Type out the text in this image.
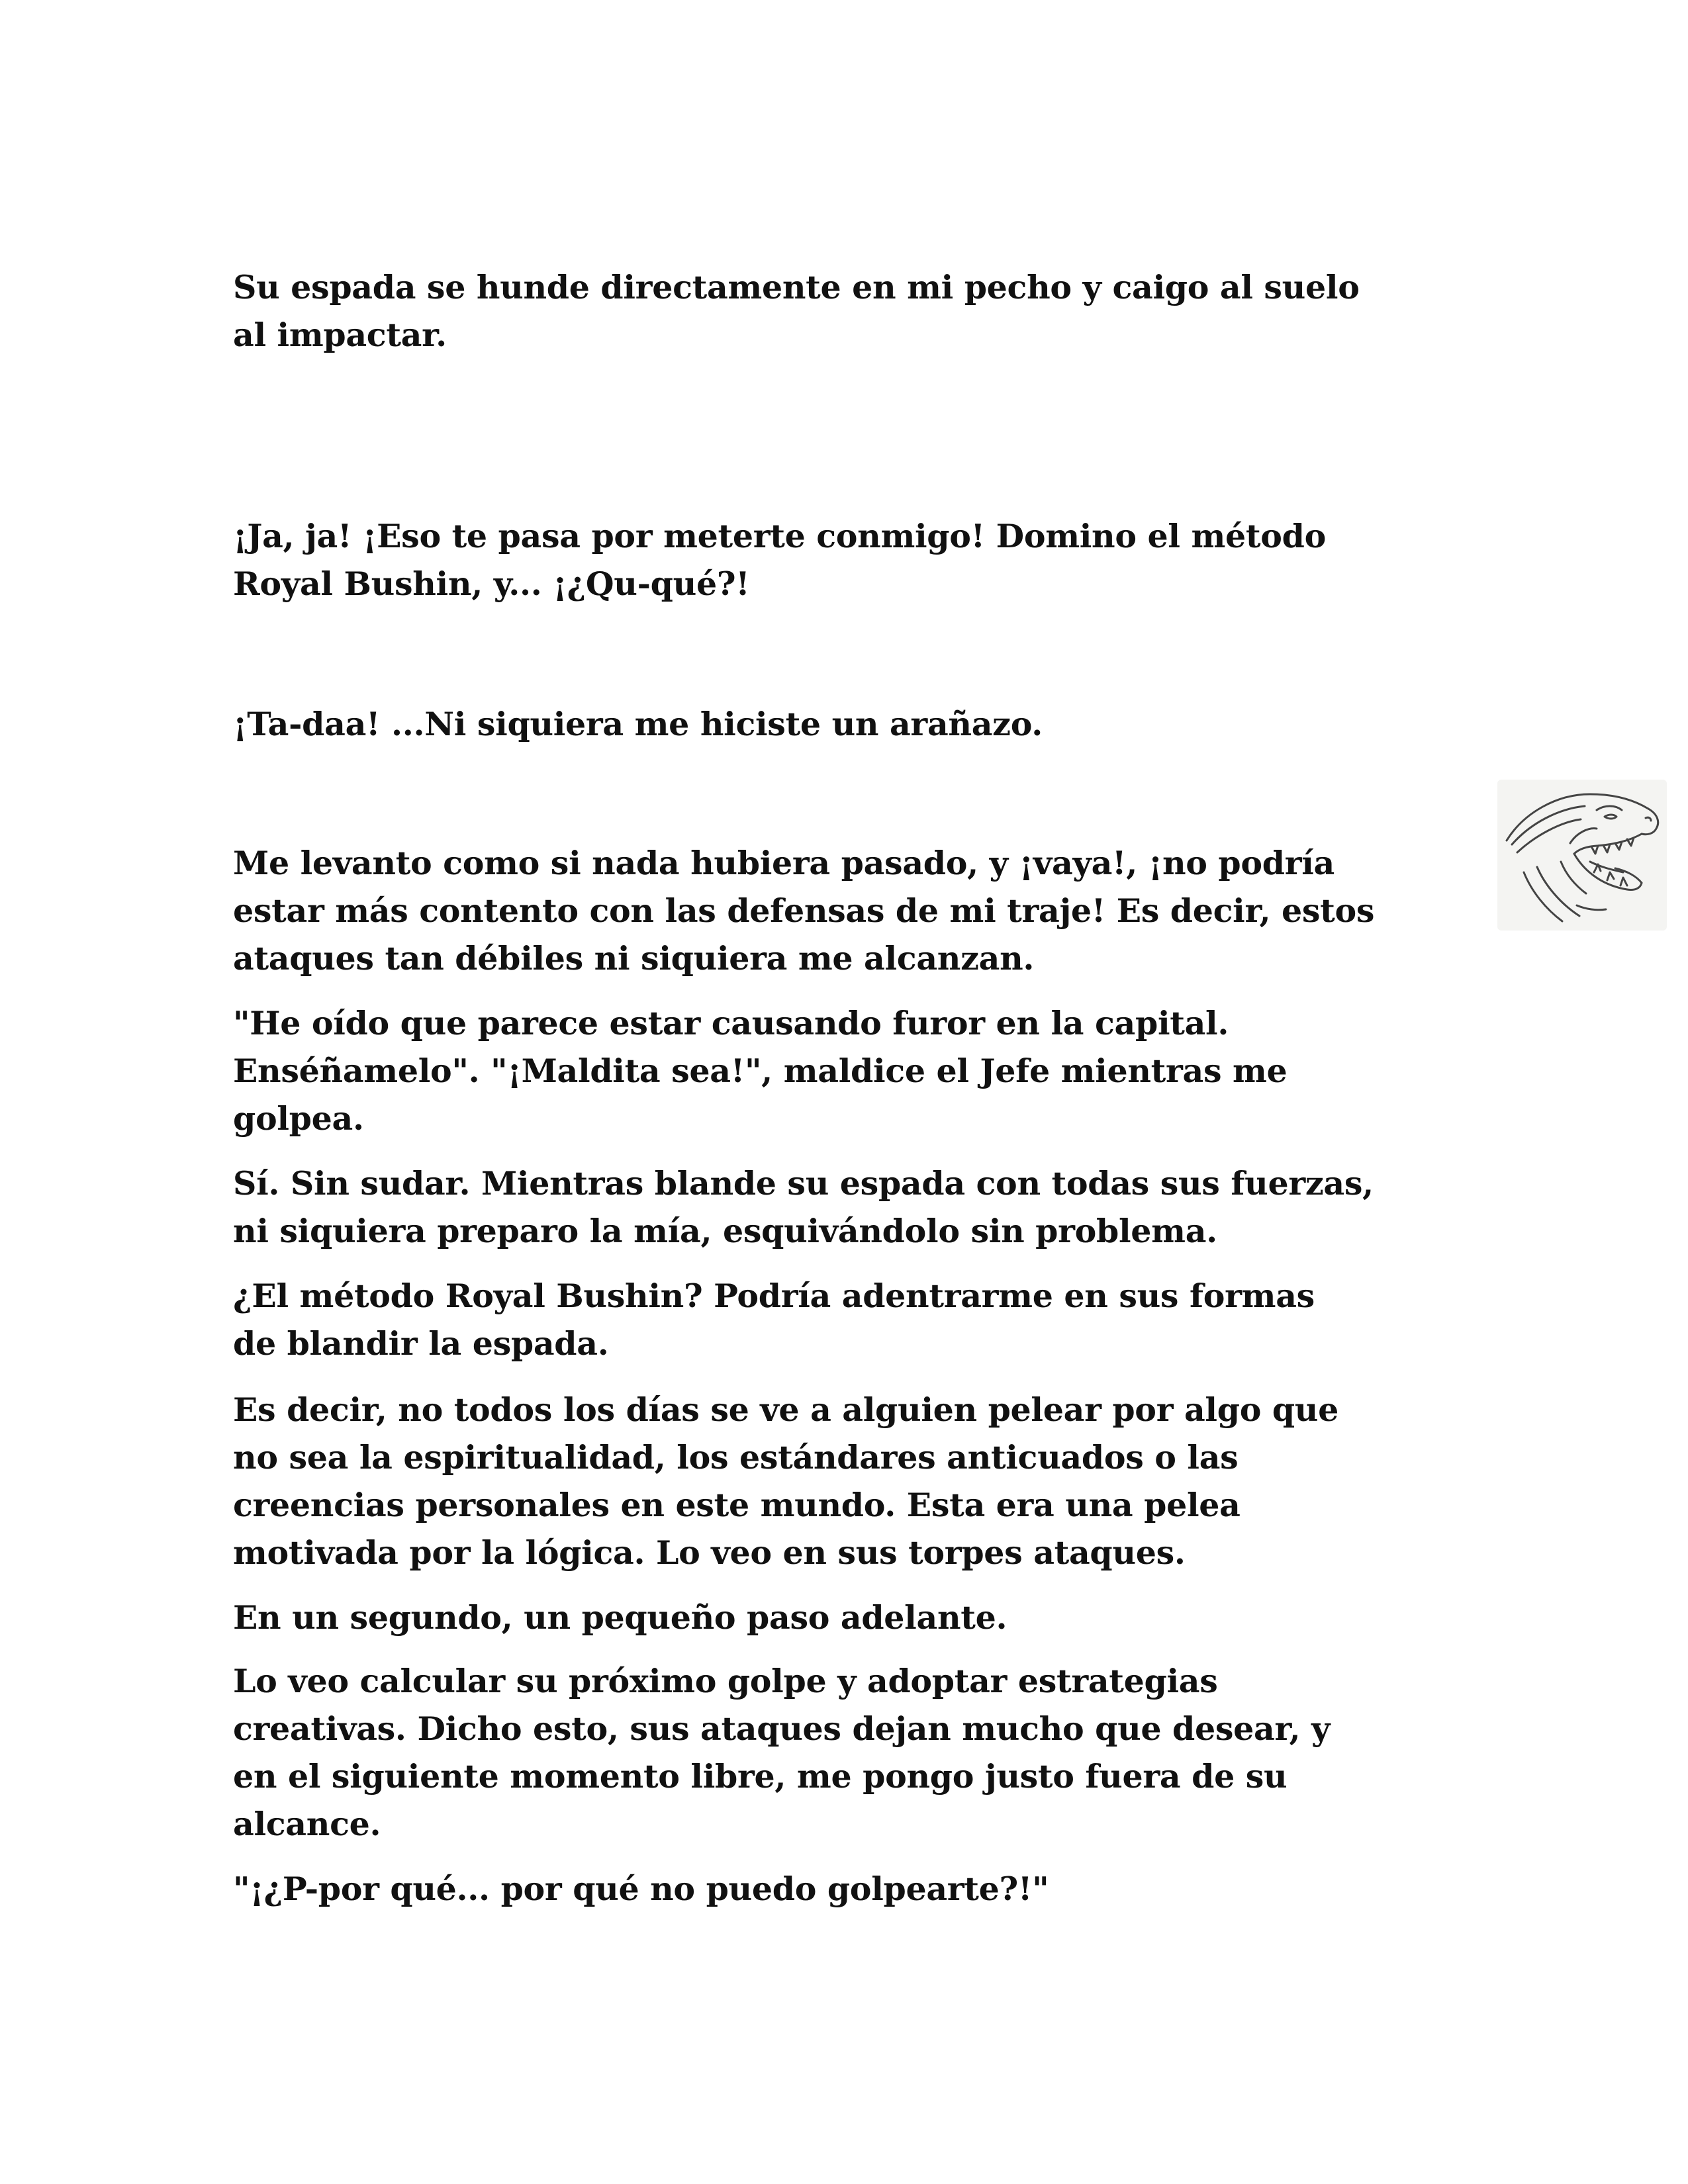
Su espada se hunde directamente en mi pecho y caigo al suelo
al impactar.

¡Ja, ja! ¡Eso te pasa por meterte conmigo! Domino el método
Royal Bushin, y... ¡¿Qu-qué?!

¡Ta-daa! ...Ni siquiera me hiciste un arañazo.

Me levanto como si nada hubiera pasado, y ¡vaya!, ¡no podría
estar más contento con las defensas de mi traje! Es decir, estos
ataques tan débiles ni siquiera me alcanzan.

"He oído que parece estar causando furor en la capital.
Enséñamelo". "¡Maldita sea!", maldice el Jefe mientras me
golpea.

Sí. Sin sudar. Mientras blande su espada con todas sus fuerzas,
ni siquiera preparo la mía, esquivándolo sin problema.

¿El método Royal Bushin? Podría adentrarme en sus formas
de blandir la espada.

Es decir, no todos los días se ve a alguien pelear por algo que
no sea la espiritualidad, los estándares anticuados o las
creencias personales en este mundo. Esta era una pelea
motivada por la lógica. Lo veo en sus torpes ataques.

En un segundo, un pequeño paso adelante.

Lo veo calcular su próximo golpe y adoptar estrategias
creativas. Dicho esto, sus ataques dejan mucho que desear, y
en el siguiente momento libre, me pongo justo fuera de su
alcance.

"¡¿P-por qué... por qué no puedo golpearte?!"
